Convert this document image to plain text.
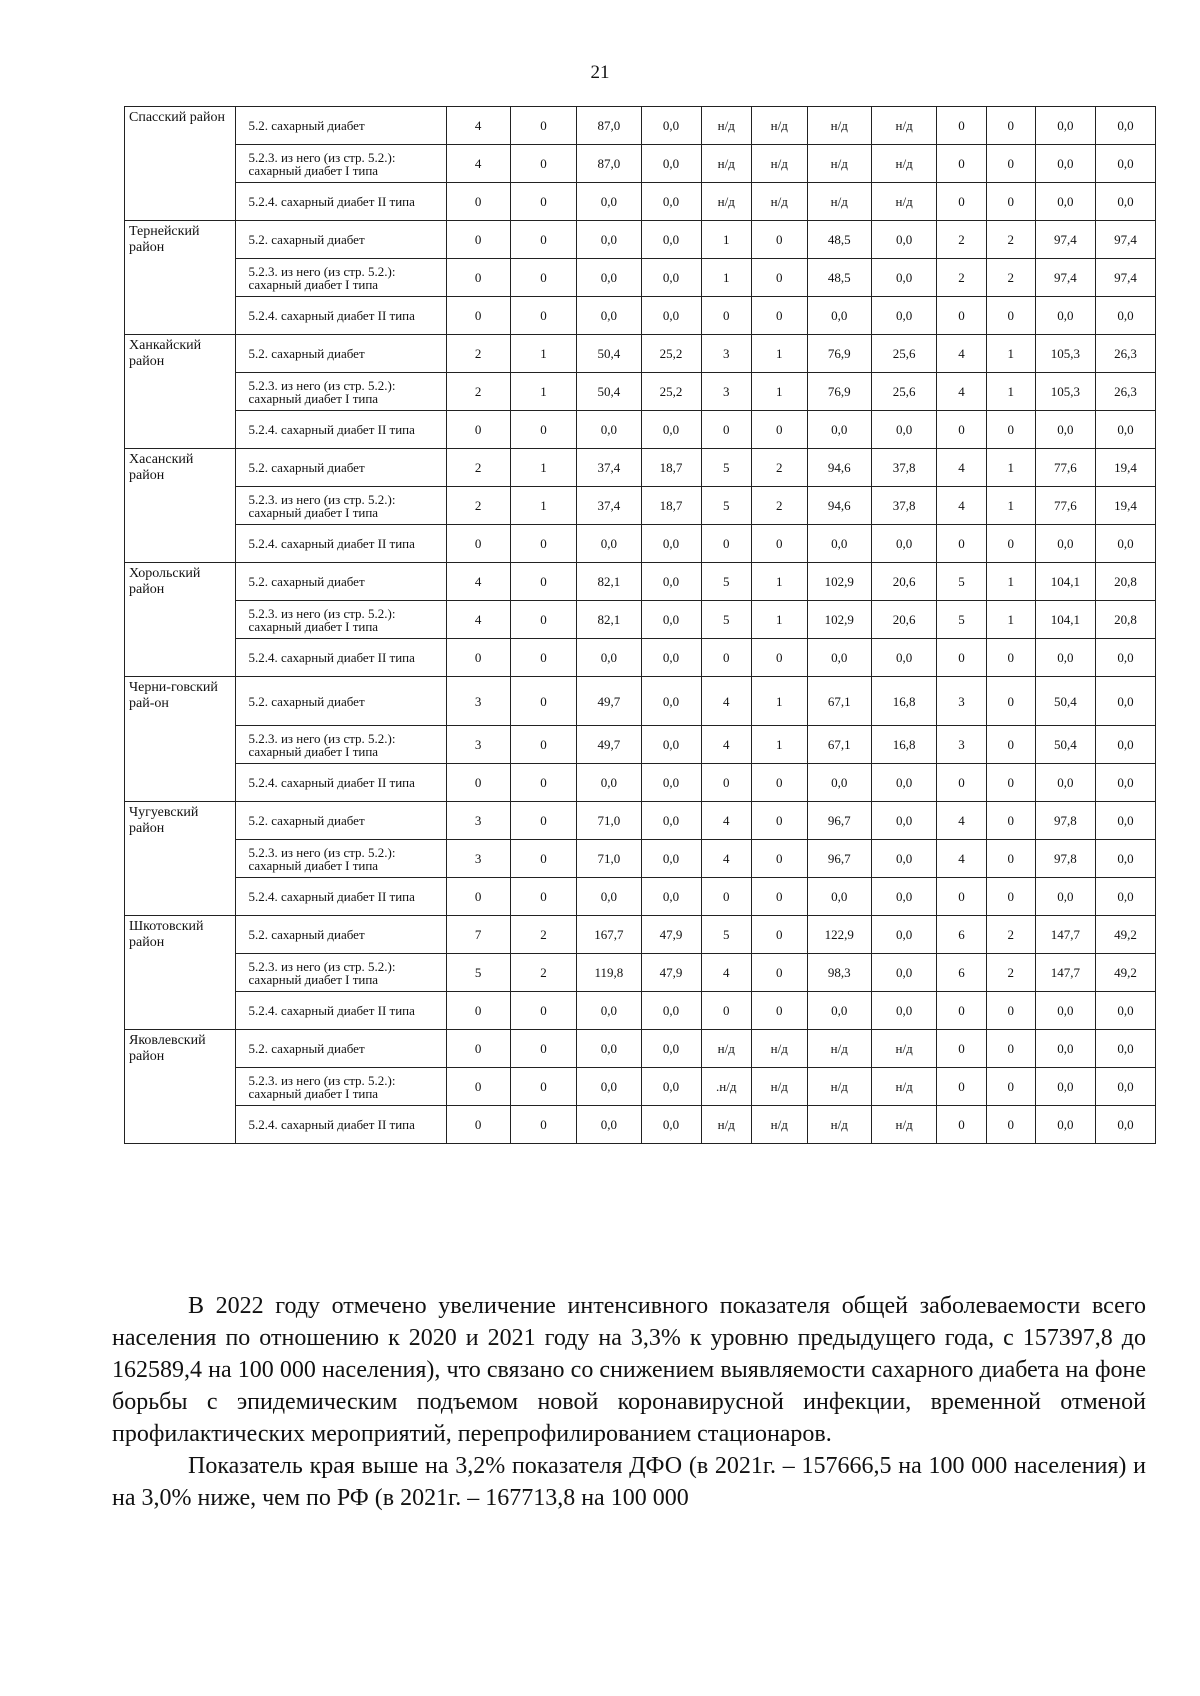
21
Спасский район	5.2. сахарный диабет	4	0	87,0	0,0	н/д	н/д	н/д	н/д	0	0	0,0	0,0
	5.2.3. из него (из стр. 5.2.): сахарный диабет I типа	4	0	87,0	0,0	н/д	н/д	н/д	н/д	0	0	0,0	0,0
	5.2.4. сахарный диабет II типа	0	0	0,0	0,0	н/д	н/д	н/д	н/д	0	0	0,0	0,0
Тернейский район	5.2. сахарный диабет	0	0	0,0	0,0	1	0	48,5	0,0	2	2	97,4	97,4
	5.2.3. из него (из стр. 5.2.): сахарный диабет I типа	0	0	0,0	0,0	1	0	48,5	0,0	2	2	97,4	97,4
	5.2.4. сахарный диабет II типа	0	0	0,0	0,0	0	0	0,0	0,0	0	0	0,0	0,0
Ханкайский район	5.2. сахарный диабет	2	1	50,4	25,2	3	1	76,9	25,6	4	1	105,3	26,3
	5.2.3. из него (из стр. 5.2.): сахарный диабет I типа	2	1	50,4	25,2	3	1	76,9	25,6	4	1	105,3	26,3
	5.2.4. сахарный диабет II типа	0	0	0,0	0,0	0	0	0,0	0,0	0	0	0,0	0,0
Хасанский район	5.2. сахарный диабет	2	1	37,4	18,7	5	2	94,6	37,8	4	1	77,6	19,4
	5.2.3. из него (из стр. 5.2.): сахарный диабет I типа	2	1	37,4	18,7	5	2	94,6	37,8	4	1	77,6	19,4
	5.2.4. сахарный диабет II типа	0	0	0,0	0,0	0	0	0,0	0,0	0	0	0,0	0,0
Хорольский район	5.2. сахарный диабет	4	0	82,1	0,0	5	1	102,9	20,6	5	1	104,1	20,8
	5.2.3. из него (из стр. 5.2.): сахарный диабет I типа	4	0	82,1	0,0	5	1	102,9	20,6	5	1	104,1	20,8
	5.2.4. сахарный диабет II типа	0	0	0,0	0,0	0	0	0,0	0,0	0	0	0,0	0,0
Черни-говский рай-он	5.2. сахарный диабет	3	0	49,7	0,0	4	1	67,1	16,8	3	0	50,4	0,0
	5.2.3. из него (из стр. 5.2.): сахарный диабет I типа	3	0	49,7	0,0	4	1	67,1	16,8	3	0	50,4	0,0
	5.2.4. сахарный диабет II типа	0	0	0,0	0,0	0	0	0,0	0,0	0	0	0,0	0,0
Чугуевский район	5.2. сахарный диабет	3	0	71,0	0,0	4	0	96,7	0,0	4	0	97,8	0,0
	5.2.3. из него (из стр. 5.2.): сахарный диабет I типа	3	0	71,0	0,0	4	0	96,7	0,0	4	0	97,8	0,0
	5.2.4. сахарный диабет II типа	0	0	0,0	0,0	0	0	0,0	0,0	0	0	0,0	0,0
Шкотовский район	5.2. сахарный диабет	7	2	167,7	47,9	5	0	122,9	0,0	6	2	147,7	49,2
	5.2.3. из него (из стр. 5.2.): сахарный диабет I типа	5	2	119,8	47,9	4	0	98,3	0,0	6	2	147,7	49,2
	5.2.4. сахарный диабет II типа	0	0	0,0	0,0	0	0	0,0	0,0	0	0	0,0	0,0
Яковлевский район	5.2. сахарный диабет	0	0	0,0	0,0	н/д	н/д	н/д	н/д	0	0	0,0	0,0
	5.2.3. из него (из стр. 5.2.): сахарный диабет I типа	0	0	0,0	0,0	.н/д	н/д	н/д	н/д	0	0	0,0	0,0
	5.2.4. сахарный диабет II типа	0	0	0,0	0,0	н/д	н/д	н/д	н/д	0	0	0,0	0,0

В 2022 году отмечено увеличение интенсивного показателя общей заболеваемости всего населения по отношению к 2020 и 2021 году на 3,3% к уровню предыдущего года, с 157397,8 до 162589,4 на 100 000 населения), что связано со снижением выявляемости сахарного диабета на фоне борьбы с эпидемическим подъемом новой коронавирусной инфекции, временной отменой профилактических мероприятий, перепрофилированием стационаров.

Показатель края выше на 3,2% показателя ДФО (в 2021г. – 157666,5 на 100 000 населения) и на 3,0% ниже, чем по РФ (в 2021г. – 167713,8 на 100 000
